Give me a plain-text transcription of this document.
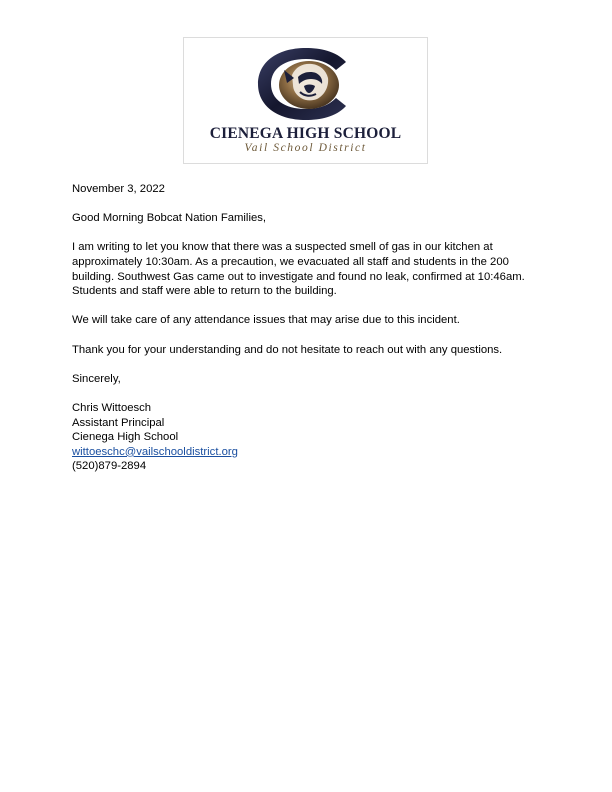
CIENEGA HIGH SCHOOL
Vail School District

November 3, 2022

Good Morning Bobcat Nation Families,

I am writing to let you know that there was a suspected smell of gas in our kitchen at approximately 10:30am. As a precaution, we evacuated all staff and students in the 200 building. Southwest Gas came out to investigate and found no leak, confirmed at 10:46am. Students and staff were able to return to the building.

We will take care of any attendance issues that may arise due to this incident.

Thank you for your understanding and do not hesitate to reach out with any questions.

Sincerely,

Chris Wittoesch
Assistant Principal
Cienega High School
wittoeschc@vailschooldistrict.org
(520)879-2894
